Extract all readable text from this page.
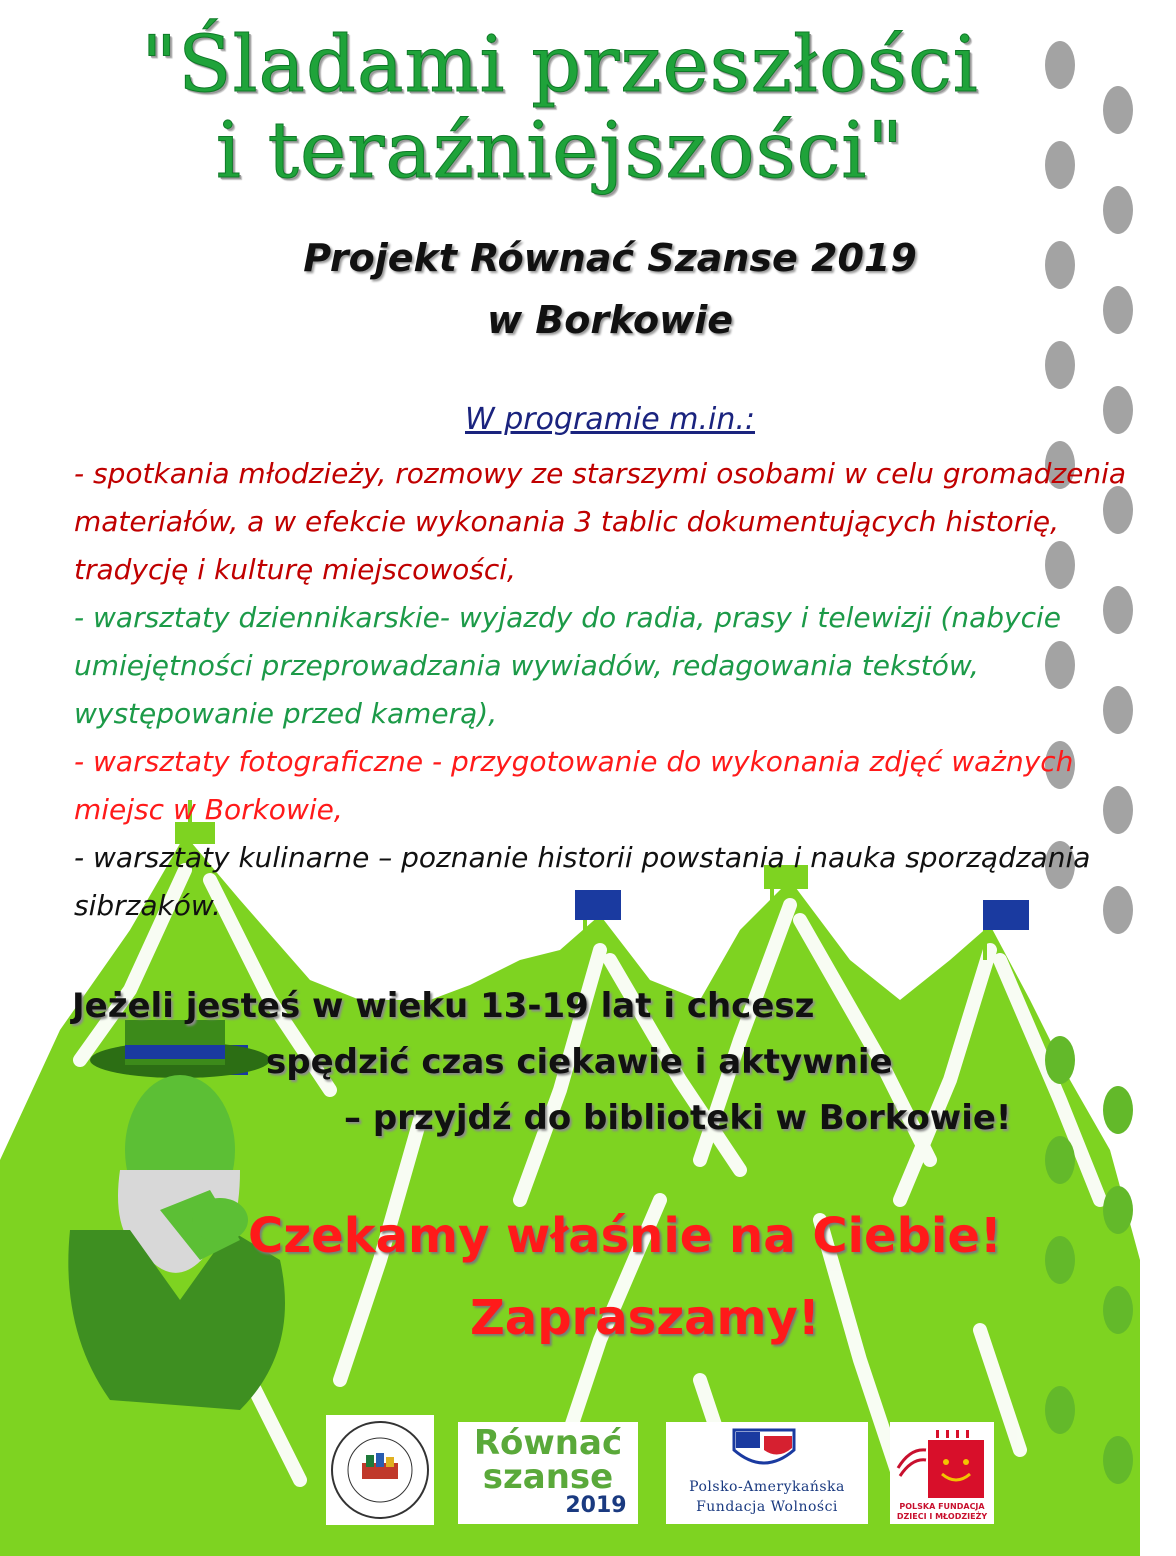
"Śladami przeszłości
i teraźniejszości"
Projekt Równać Szanse 2019
w Borkowie
W programie m.in.:
- spotkania młodzieży, rozmowy ze starszymi osobami w celu gromadzenia materiałów, a w efekcie wykonania 3 tablic dokumentujących historię, tradycję i kulturę miejscowości,
- warsztaty dziennikarskie- wyjazdy do radia, prasy i telewizji (nabycie umiejętności przeprowadzania wywiadów, redagowania tekstów, występowanie przed kamerą),
- warsztaty fotograficzne - przygotowanie do wykonania zdjęć ważnych miejsc w Borkowie,
- warsztaty kulinarne – poznanie historii powstania i nauka sporządzania sibrzaków.
Jeżeli jesteś w wieku 13-19 lat i chcesz
spędzić czas ciekawie i aktywnie
– przyjdź do biblioteki w Borkowie!
Czekamy właśnie na Ciebie!
Zapraszamy!
Równać
szanse
2019
Polsko-Amerykańska
Fundacja Wolności	POLSKA FUNDACJA
DZIECI I MŁODZIEŻY
